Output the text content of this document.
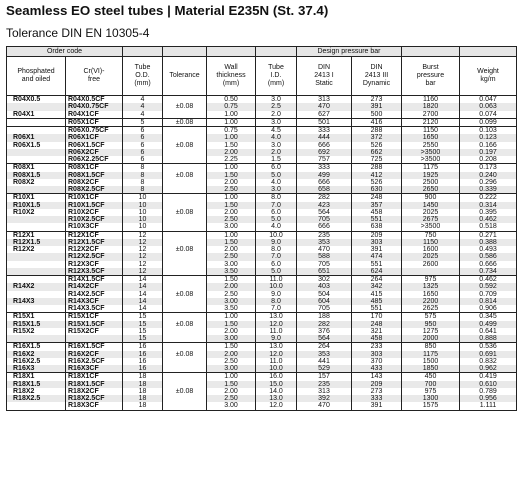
Seamless EO steel tubes | Material E235N (St. 37.4)
Tolerance DIN EN 10305-4
Order code						Design pressure bar			
Phosphated
and oiled	Cr(VI)-
free	Tube
O.D.
(mm)	Tolerance	Wall
thickness
(mm)	Tube
I.D.
(mm)	DIN
2413 I
Static	DIN
2413 III
Dynamic	Burst
pressure
bar	Weight
kg/m
R04X0.5	R04X0.5CF	4		0.50	3.0	313	273	1160	0.047
	R04X0.75CF	4	±0.08	0.75	2.5	470	391	1820	0.063
R04X1	R04X1CF	4		1.00	2.0	627	500	2700	0.074
	R05X1CF	5	±0.08	1.00	3.0	501	416	2120	0.099
	R06X0.75CF	6		0.75	4.5	333	288	1150	0.103
R06X1	R06X1CF	6		1.00	4.0	444	372	1650	0.123
R06X1.5	R06X1.5CF	6	±0.08	1.50	3.0	666	526	2550	0.166
	R06X2CF	6		2.00	2.0	692	662	>3500	0.197
	R06X2.25CF	6		2.25	1.5	757	725	>3500	0.208
R08X1	R08X1CF	8		1.00	6.0	333	288	1175	0.173
R08X1.5	R08X1.5CF	8	±0.08	1.50	5.0	499	412	1925	0.240
R08X2	R08X2CF	8		2.00	4.0	666	526	2500	0.296
	R08X2.5CF	8		2.50	3.0	658	630	2650	0.339
R10X1	R10X1CF	10		1.00	8.0	282	248	900	0.222
R10X1.5	R10X1.5CF	10		1.50	7.0	423	357	1450	0.314
R10X2	R10X2CF	10	±0.08	2.00	6.0	564	458	2025	0.395
	R10X2.5CF	10		2.50	5.0	705	551	2675	0.462
	R10X3CF	10		3.00	4.0	666	638	>3500	0.518
R12X1	R12X1CF	12		1.00	10.0	235	209	750	0.271
R12X1.5	R12X1.5CF	12		1.50	9.0	353	303	1150	0.388
R12X2	R12X2CF	12	±0.08	2.00	8.0	470	391	1600	0.493
	R12X2.5CF	12		2.50	7.0	588	474	2025	0.586
	R12X3CF	12		3.00	6.0	705	551	2600	0.666
	R12X3.5CF	12		3.50	5.0	651	624		0.734
	R14X1.5CF	14		1.50	11.0	302	264	975	0.462
R14X2	R14X2CF	14		2.00	10.0	403	342	1325	0.592
	R14X2.5CF	14	±0.08	2.50	9.0	504	415	1650	0.709
R14X3	R14X3CF	14		3.00	8.0	604	485	2200	0.814
	R14X3.5CF	14		3.50	7.0	705	551	2625	0.906
R15X1	R15X1CF	15		1.00	13.0	188	170	575	0.345
R15X1.5	R15X1.5CF	15	±0.08	1.50	12.0	282	248	950	0.499
R15X2	R15X2CF	15		2.00	11.0	376	321	1275	0.641
		15		3.00	9.0	564	458	2000	0.888
R16X1.5	R16X1.5CF	16		1.50	13.0	264	233	850	0.536
R16X2	R16X2CF	16	±0.08	2.00	12.0	353	303	1175	0.691
R16X2.5	R16X2.5CF	16		2.50	11.0	441	370	1500	0.832
R16X3	R16X3CF	16		3.00	10.0	529	433	1850	0.962
R18X1	R18X1CF	18		1.00	16.0	157	143	450	0.419
R18X1.5	R18X1.5CF	18		1.50	15.0	235	209	700	0.610
R18X2	R18X2CF	18	±0.08	2.00	14.0	313	273	975	0.789
R18X2.5	R18X2.5CF	18		2.50	13.0	392	333	1300	0.956
	R18X3CF	18		3.00	12.0	470	391	1575	1.111
